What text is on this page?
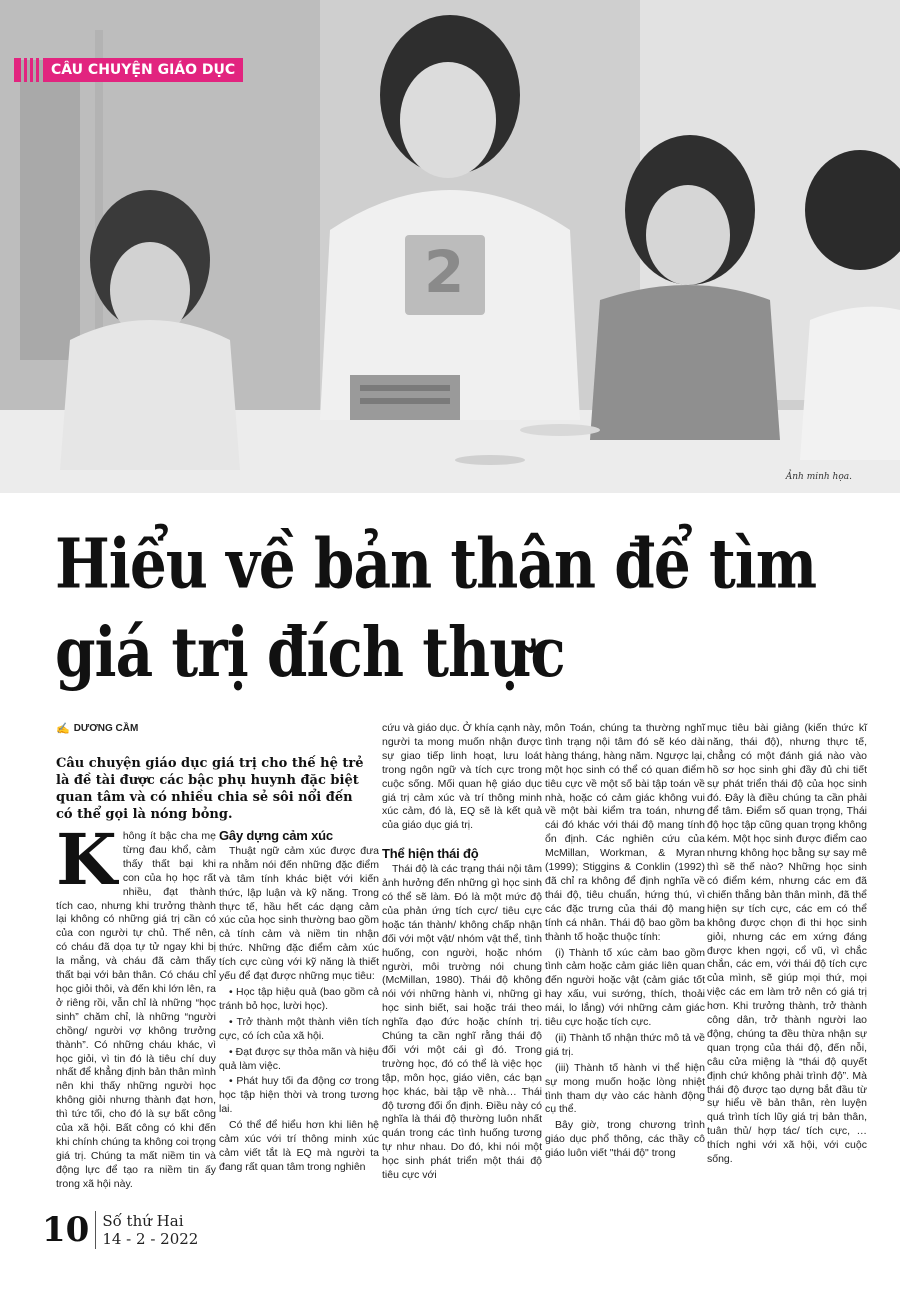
2
CÂU CHUYỆN GIÁO DỤC
Ảnh minh họa.
Hiểu về bản thân để tìm giá trị đích thực
✍ DƯƠNG CẦM

Câu chuyện giáo dục giá trị cho thế hệ trẻ là đề tài được các bậc phụ huynh đặc biệt quan tâm và có nhiều chia sẻ sôi nổi đến có thể gọi là nóng bỏng.

K hông ít bậc cha mẹ từng đau khổ, cảm thấy thất bại khi con của họ học rất nhiều, đạt thành tích cao, nhưng khi trưởng thành lại không có những giá trị cần có của con người tự chủ. Thế nên, có cháu đã dọa tự tử ngay khi bị la mắng, và cháu đã cảm thấy thất bại với bản thân. Có cháu chỉ học giỏi thôi, và đến khi lớn lên, ra ở riêng rồi, vẫn chỉ là những “học sinh” chăm chỉ, là những “người chồng/ người vợ không trưởng thành”. Có những cháu khác, vì học giỏi, vì tin đó là tiêu chí duy nhất để khẳng định bản thân mình nên khi thấy những người học không giỏi nhưng thành đạt hơn, thì tức tối, cho đó là sự bất công của xã hội. Bất công có khi đến khi chính chúng ta không coi trọng giá trị. Chúng ta mất niềm tin và động lực để tạo ra niềm tin ấy trong xã hội này.

Gây dựng cảm xúc

Thuật ngữ cảm xúc được đưa ra nhằm nói đến những đặc điểm và tâm tính khác biệt với kiến thức, lập luận và kỹ năng. Trong thực tế, hầu hết các dạng cảm xúc của học sinh thường bao gồm cả tính cảm và niềm tin nhận thức. Những đặc điểm cảm xúc tích cực cùng với kỹ năng là thiết yếu để đạt được những mục tiêu:

• Học tập hiệu quả (bao gồm cả tránh bỏ học, lười học).

• Trở thành một thành viên tích cực, có ích của xã hội.

• Đạt được sự thỏa mãn và hiệu quả làm việc.

• Phát huy tối đa động cơ trong học tập hiện thời và trong tương lai.

Có thể để hiểu hơn khi liên hệ cảm xúc với trí thông minh xúc cảm viết tắt là EQ mà người ta đang rất quan tâm trong nghiên

cứu và giáo dục. Ở khía cạnh này, người ta mong muốn nhận được sự giao tiếp linh hoạt, lưu loát trong ngôn ngữ và tích cực trong cuộc sống. Mối quan hệ giáo dục giá trị cảm xúc và trí thông minh xúc cảm, đó là, EQ sẽ là kết quả của giáo dục giá trị.

Thể hiện thái độ

Thái độ là các trạng thái nội tâm ảnh hưởng đến những gì học sinh có thể sẽ làm. Đó là một mức độ của phản ứng tích cực/ tiêu cực hoặc tán thành/ không chấp nhận đối với một vật/ nhóm vật thể, tình huống, con người, hoặc nhóm người, môi trường nói chung (McMillan, 1980). Thái độ không nói với những hành vi, những gì học sinh biết, sai hoặc trái theo nghĩa đạo đức hoặc chính trị. Chúng ta cần nghĩ rằng thái độ đối với một cái gì đó. Trong trường học, đó có thể là việc học tập, môn học, giáo viên, các bạn học khác, bài tập về nhà… Thái độ tương đối ổn định. Điều này có nghĩa là thái độ thường luôn nhất quán trong các tình huống tương tự như nhau. Do đó, khi nói một học sinh phát triển một thái độ tiêu cực với

môn Toán, chúng ta thường nghĩ tình trạng nội tâm đó sẽ kéo dài hàng tháng, hàng năm. Ngược lại, một học sinh có thể có quan điểm tiêu cực về một số bài tập toán về nhà, hoặc có cảm giác không vui về một bài kiểm tra toán, nhưng cái đó khác với thái độ mang tính ổn định. Các nghiên cứu của McMillan, Workman, & Myran (1999); Stiggins & Conklin (1992) đã chỉ ra không để định nghĩa về thái độ, tiêu chuẩn, hứng thú, vì các đặc trưng của thái độ mang tính cá nhân. Thái độ bao gồm ba thành tố hoặc thuộc tính:

(i) Thành tố xúc cảm bao gồm tình cảm hoặc cảm giác liên quan đến người hoặc vật (cảm giác tốt hay xấu, vui sướng, thích, thoải mái, lo lắng) với những cảm giác tiêu cực hoặc tích cực.

(ii) Thành tố nhận thức mô tả về giá trị.

(iii) Thành tố hành vi thể hiện sự mong muốn hoặc lòng nhiệt tình tham dự vào các hành động cụ thể.

Bây giờ, trong chương trình giáo dục phổ thông, các thầy cô giáo luôn viết "thái độ" trong

mục tiêu bài giảng (kiến thức kĩ năng, thái độ), nhưng thực tế, chẳng có một đánh giá nào vào hồ sơ học sinh ghi đầy đủ chi tiết sự phát triển thái độ của học sinh đó. Đây là điều chúng ta cần phải để tâm. Điểm số quan trọng, Thái độ học tập cũng quan trọng không kém. Một học sinh được điểm cao nhưng không học bằng sự say mê thì sẽ thế nào? Những học sinh có điểm kém, nhưng các em đã chiến thắng bản thân mình, đã thể hiện sự tích cực, các em có thể không được chọn đi thi học sinh giỏi, nhưng các em xứng đáng được khen ngợi, cổ vũ, vì chắc chắn, các em, với thái độ tích cực của mình, sẽ giúp mọi thứ, mọi việc các em làm trở nên có giá trị hơn. Khi trưởng thành, trở thành công dân, trở thành người lao động, chúng ta đều thừa nhận sự quan trọng của thái độ, đến nỗi, câu cửa miệng là “thái độ quyết định chứ không phải trình độ”. Mà thái độ được tạo dựng bắt đầu từ sự hiểu về bản thân, rèn luyện quá trình tích lũy giá trị bản thân, tuân thủ/ hợp tác/ tích cực, … thích nghi với xã hội, với cuộc sống.

10 Số thứ Hai
14 - 2 - 2022
